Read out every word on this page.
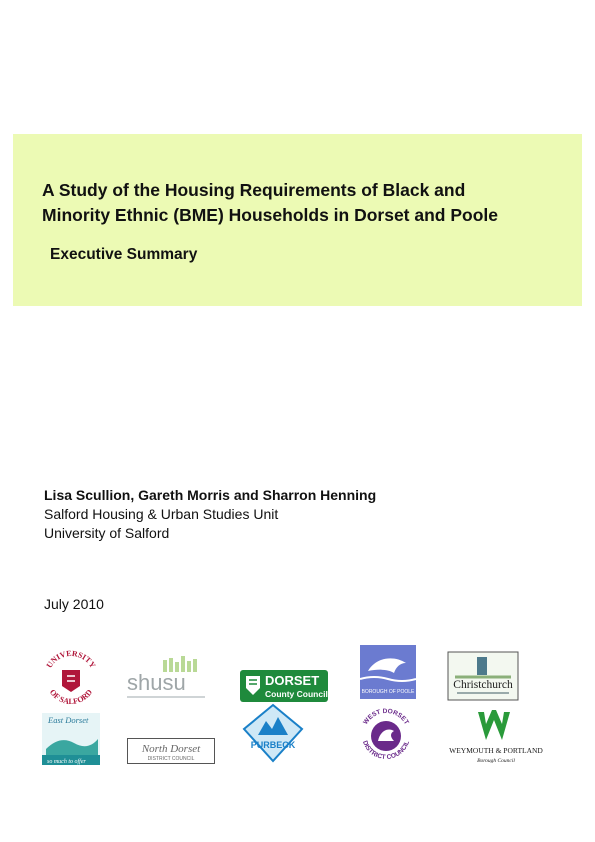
A Study of the Housing Requirements of Black and
Minority Ethnic (BME) Households in Dorset and Poole
Executive Summary
Lisa Scullion, Gareth Morris and Sharron Henning
Salford Housing & Urban Studies Unit
University of Salford
July 2010
UNIVERSITY
OF SALFORD shusu	DORSET
County Council	BOROUGH OF POOLE
Christchurch
East Dorset
so much to offer
North Dorset
DISTRICT COUNCIL
PURBECK
WEST DORSET
DISTRICT COUNCIL
WEYMOUTH & PORTLAND
Borough Council
